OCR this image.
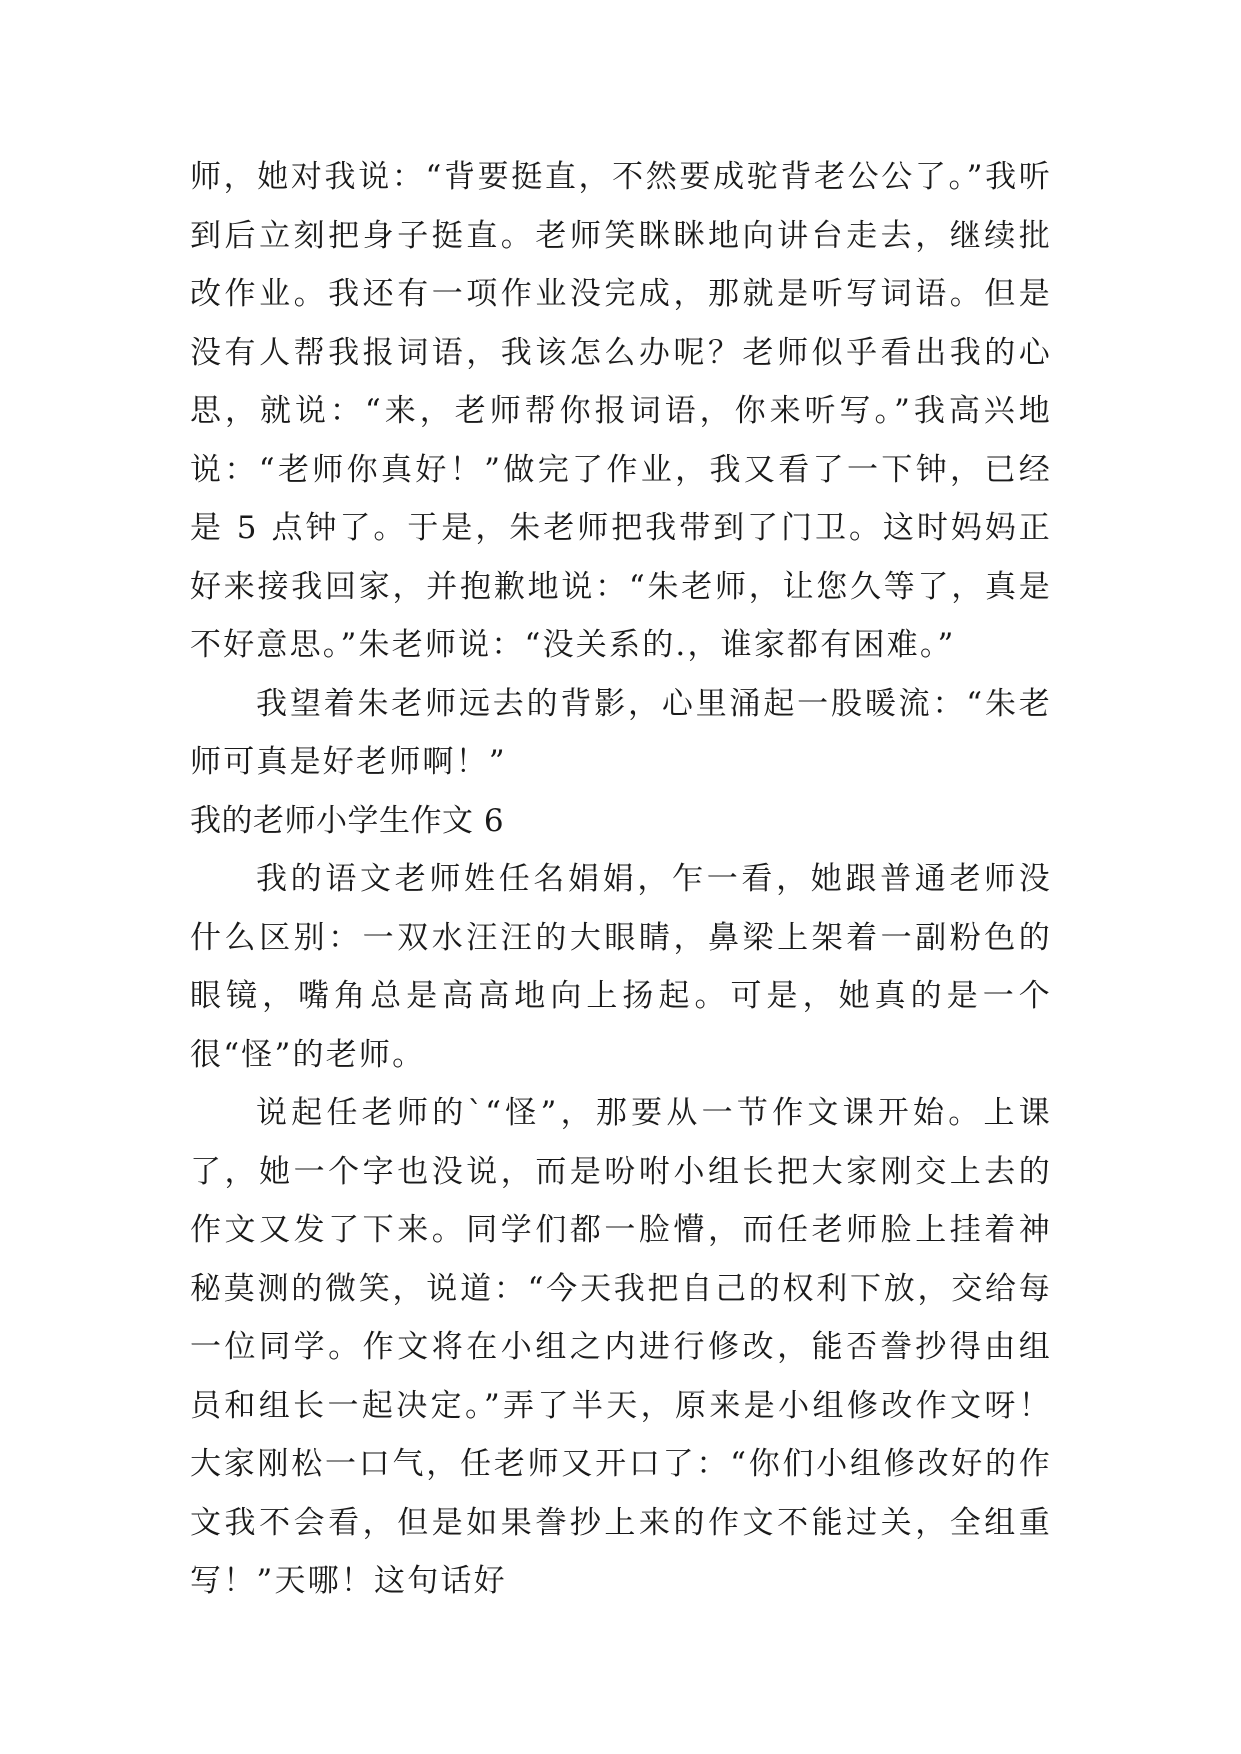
师，她对我说：“背要挺直，不然要成驼背老公公了。”我听到后立刻把身子挺直。老师笑眯眯地向讲台走去，继续批改作业。我还有一项作业没完成，那就是听写词语。但是没有人帮我报词语，我该怎么办呢？老师似乎看出我的心思，就说：“来，老师帮你报词语，你来听写。”我高兴地说：“老师你真好！”做完了作业，我又看了一下钟，已经是 5 点钟了。于是，朱老师把我带到了门卫。这时妈妈正好来接我回家，并抱歉地说：“朱老师，让您久等了，真是不好意思。”朱老师说：“没关系的.，谁家都有困难。”

我望着朱老师远去的背影，心里涌起一股暖流：“朱老师可真是好老师啊！”

我的老师小学生作文 6

我的语文老师姓任名娟娟，乍一看，她跟普通老师没什么区别：一双水汪汪的大眼睛，鼻梁上架着一副粉色的眼镜，嘴角总是高高地向上扬起。可是，她真的是一个很“怪”的老师。

说起任老师的`“怪”，那要从一节作文课开始。上课了，她一个字也没说，而是吩咐小组长把大家刚交上去的作文又发了下来。同学们都一脸懵，而任老师脸上挂着神秘莫测的微笑，说道：“今天我把自己的权利下放，交给每一位同学。作文将在小组之内进行修改，能否誊抄得由组员和组长一起决定。”弄了半天，原来是小组修改作文呀！大家刚松一口气，任老师又开口了：“你们小组修改好的作文我不会看，但是如果誊抄上来的作文不能过关，全组重写！”天哪！这句话好
